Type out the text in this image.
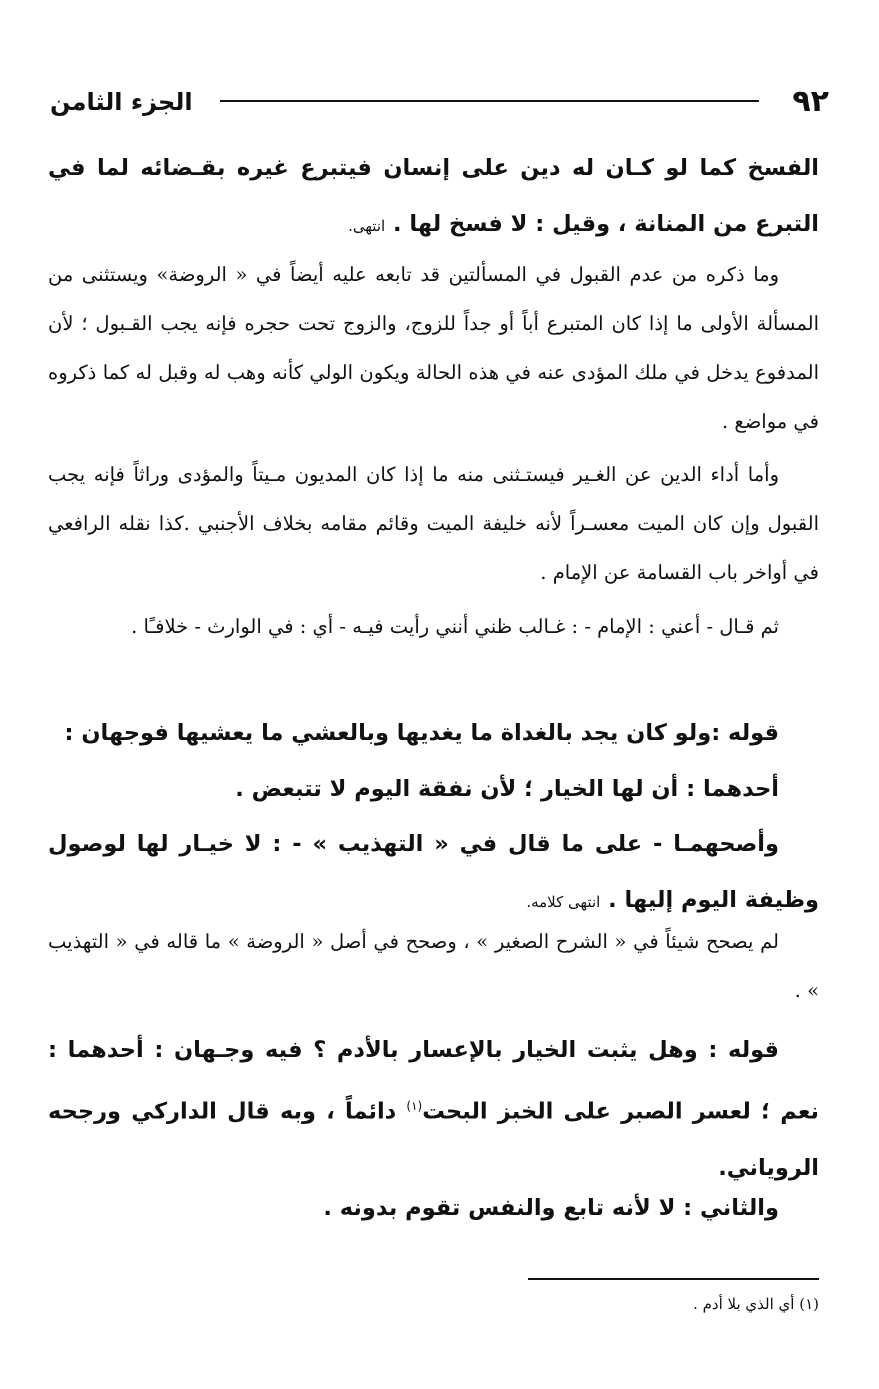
٩٢
الجزء الثامن
الفسخ كما لو كـان له دين على إنسان فيتبرع غيره بقـضائه لما في التبرع من المنانة ، وقيل : لا فسخ لها . انتهى.
وما ذكره من عدم القبول في المسألتين قد تابعه عليه أيضاً في « الروضة» ويستثنى من المسألة الأولى ما إذا كان المتبرع أباً أو جداً للزوج، والزوج تحت حجره فإنه يجب القـبول ؛ لأن المدفوع يدخل في ملك المؤدى عنه في هذه الحالة ويكون الولي كأنه وهب له وقبل له كما ذكروه في مواضع .
وأما أداء الدين عن الغـير فيستـثنى منه ما إذا كان المديون مـيتاً والمؤدى وراثاً فإنه يجب القبول وإن كان الميت معسـراً لأنه خليفة الميت وقائم مقامه بخلاف الأجنبي .كذا نقله الرافعي في أواخر باب القسامة عن الإمام .
ثم قـال - أعني : الإمام - : غـالب ظني أنني رأيت فيـه - أي : في الوارث - خلافـًا .
قوله :ولو كان يجد بالغداة ما يغديها وبالعشي ما يعشيها فوجهان :
أحدهما : أن لها الخيار ؛ لأن نفقة اليوم لا تتبعض .
وأصحهمـا - على ما قال في « التهذيب » - : لا خيـار لها لوصول وظيفة اليوم إليها . انتهى كلامه.
لم يصحح شيئاً في « الشرح الصغير » ، وصحح في أصل « الروضة » ما قاله في « التهذيب » .
قوله : وهل يثبت الخيار بالإعسار بالأدم ؟ فيه وجـهان : أحدهما : نعم ؛ لعسر الصبر على الخبز البحت$^{(١)}$ دائماً ، وبه قال الداركي ورجحه الروياني.
والثاني : لا لأنه تابع والنفس تقوم بدونه .
(١) أي الذي بلا أدم .
